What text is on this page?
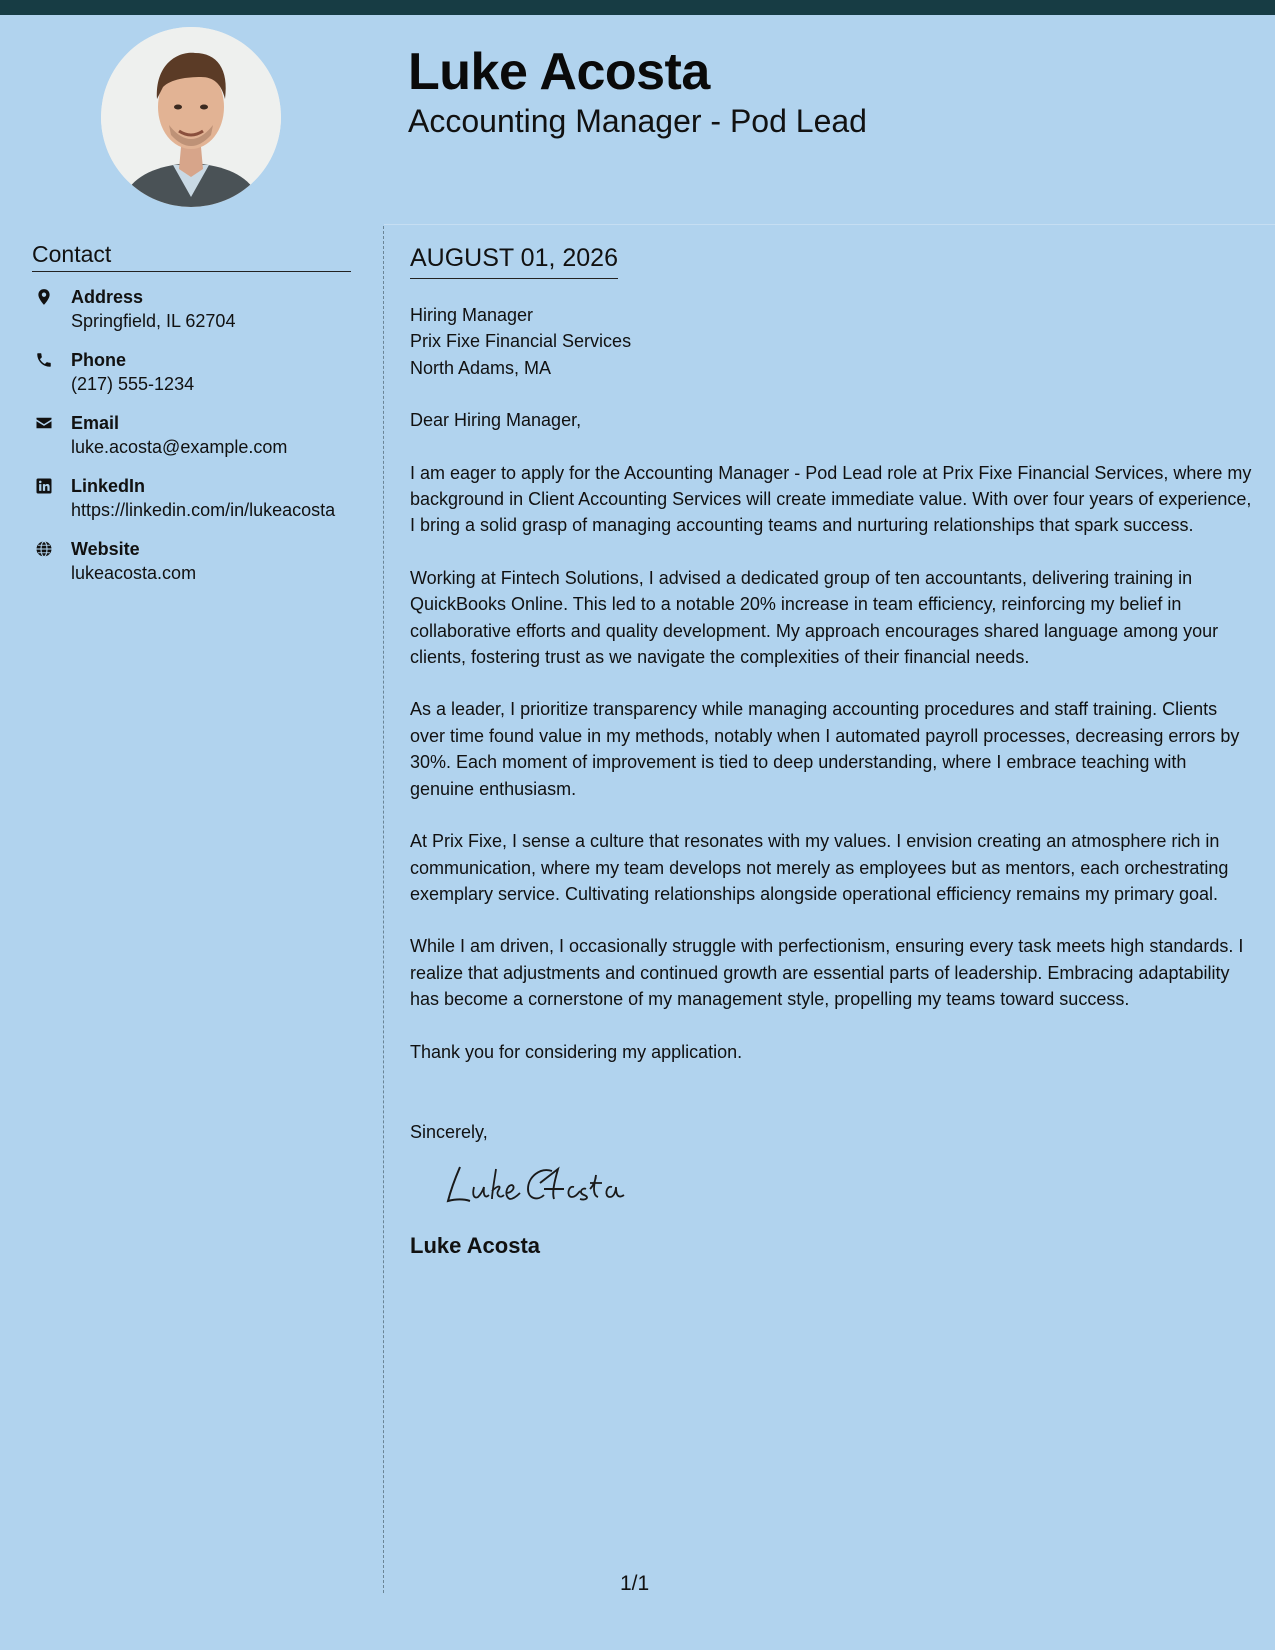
Luke Acosta
Accounting Manager - Pod Lead
Contact
Address
Springfield, IL 62704
Phone
(217) 555-1234
Email
luke.acosta@example.com
LinkedIn
https://linkedin.com/in/lukeacosta
Website
lukeacosta.com
AUGUST 01, 2026

Hiring Manager
Prix Fixe Financial Services
North Adams, MA

Dear Hiring Manager,

I am eager to apply for the Accounting Manager - Pod Lead role at Prix Fixe Financial Services, where my background in Client Accounting Services will create immediate value. With over four years of experience, I bring a solid grasp of managing accounting teams and nurturing relationships that spark success.

Working at Fintech Solutions, I advised a dedicated group of ten accountants, delivering training in QuickBooks Online. This led to a notable 20% increase in team efficiency, reinforcing my belief in collaborative efforts and quality development. My approach encourages shared language among your clients, fostering trust as we navigate the complexities of their financial needs.

As a leader, I prioritize transparency while managing accounting procedures and staff training. Clients over time found value in my methods, notably when I automated payroll processes, decreasing errors by 30%. Each moment of improvement is tied to deep understanding, where I embrace teaching with genuine enthusiasm.

At Prix Fixe, I sense a culture that resonates with my values. I envision creating an atmosphere rich in communication, where my team develops not merely as employees but as mentors, each orchestrating exemplary service. Cultivating relationships alongside operational efficiency remains my primary goal.

While I am driven, I occasionally struggle with perfectionism, ensuring every task meets high standards. I realize that adjustments and continued growth are essential parts of leadership. Embracing adaptability has become a cornerstone of my management style, propelling my teams toward success.

Thank you for considering my application.

Sincerely,
Luke Acosta
1/1
